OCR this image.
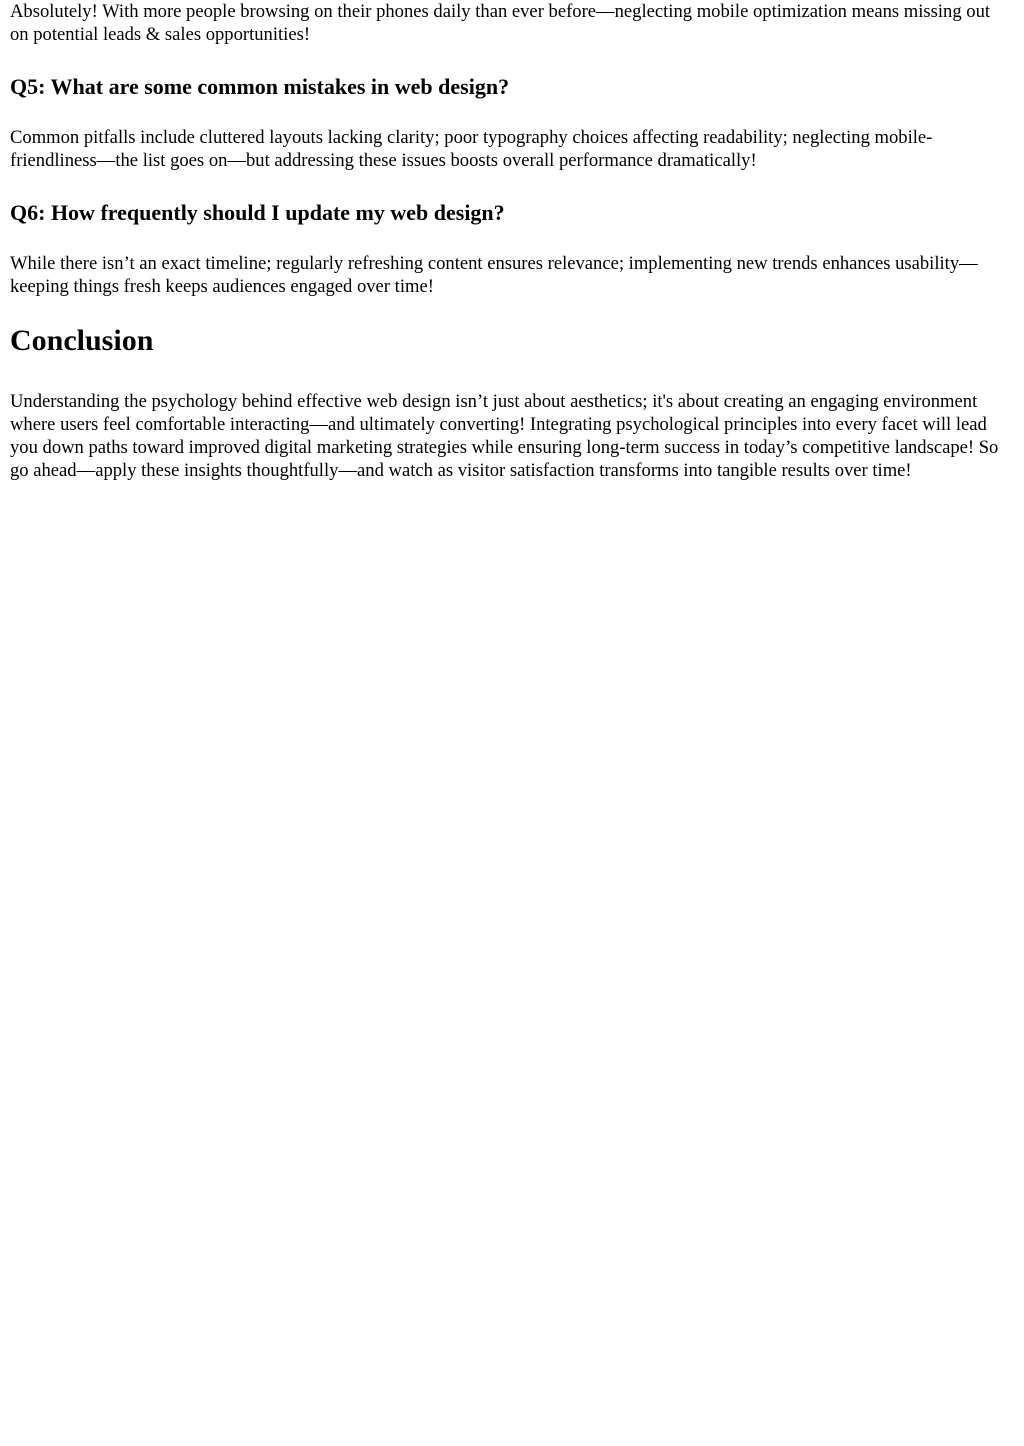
Absolutely! With more people browsing on their phones daily than ever before—neglecting mobile optimization means missing out on potential leads & sales opportunities!

Q5: What are some common mistakes in web design?

Common pitfalls include cluttered layouts lacking clarity; poor typography choices affecting readability; neglecting mobile-friendliness—the list goes on—but addressing these issues boosts overall performance dramatically!

Q6: How frequently should I update my web design?

While there isn’t an exact timeline; regularly refreshing content ensures relevance; implementing new trends enhances usability—keeping things fresh keeps audiences engaged over time!

Conclusion

Understanding the psychology behind effective web design isn’t just about aesthetics; it's about creating an engaging environment where users feel comfortable interacting—and ultimately converting! Integrating psychological principles into every facet will lead you down paths toward improved digital marketing strategies while ensuring long-term success in today’s competitive landscape! So go ahead—apply these insights thoughtfully—and watch as visitor satisfaction transforms into tangible results over time!
